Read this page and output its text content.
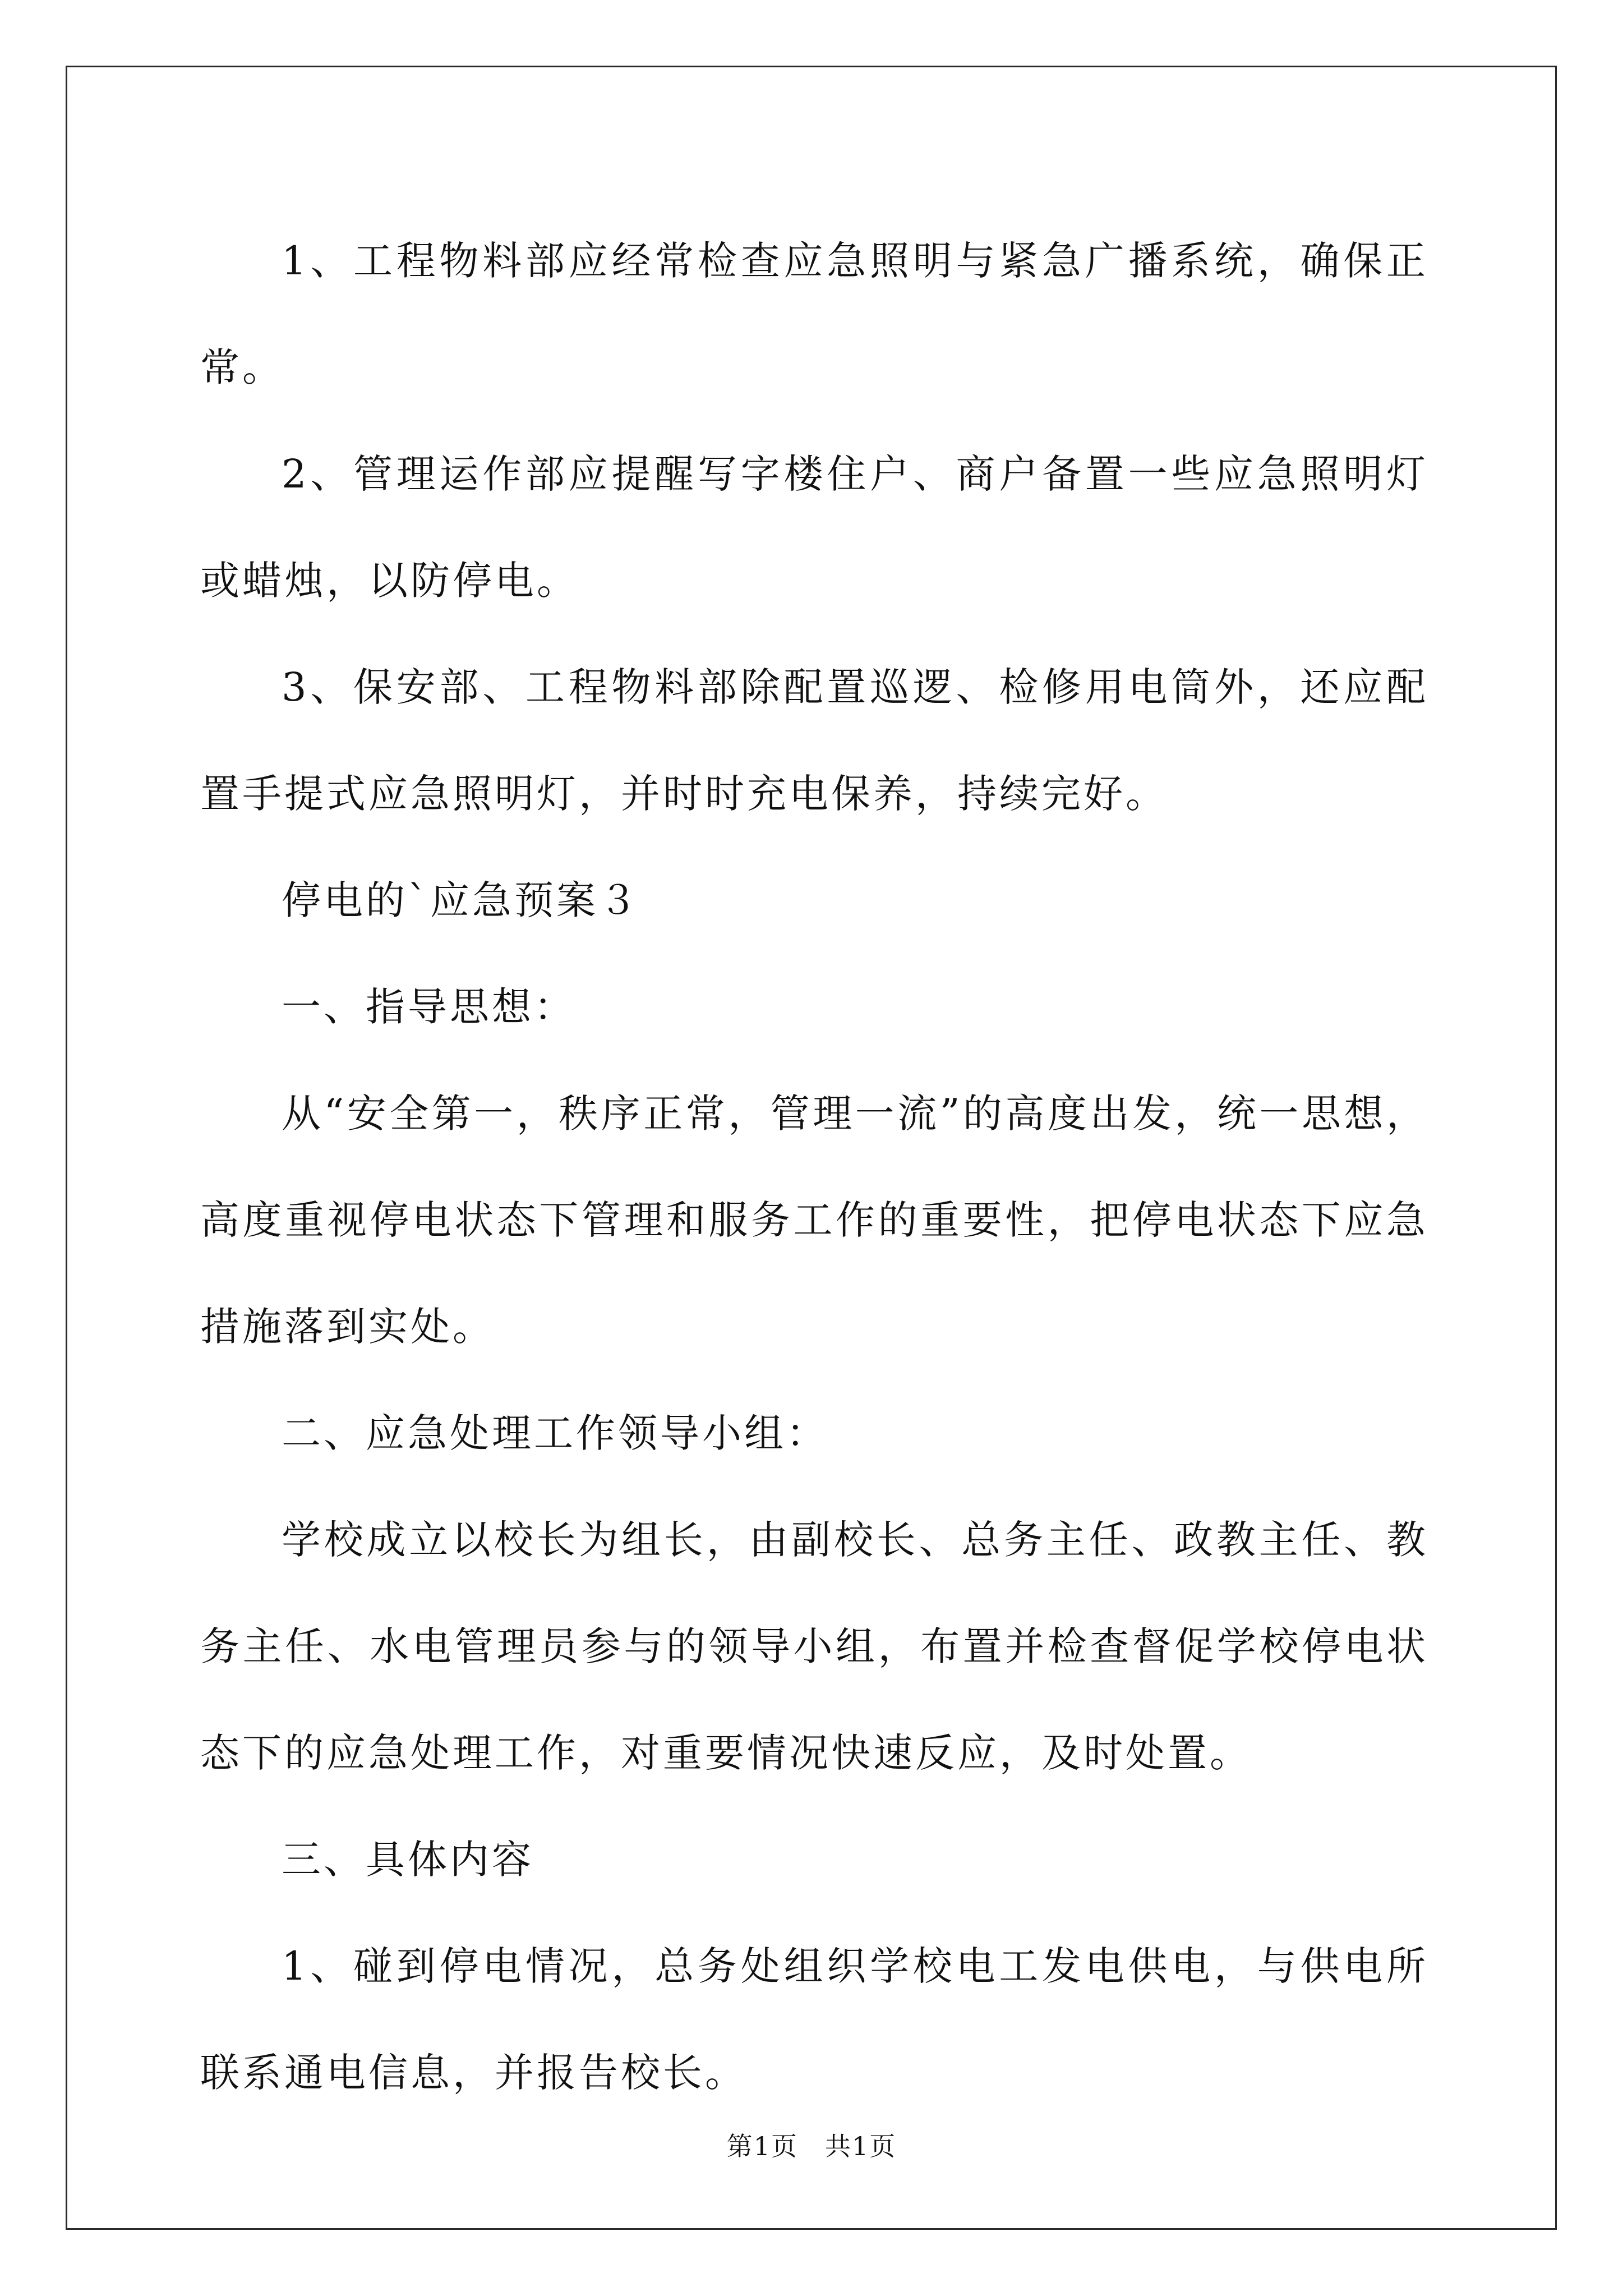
1、工程物料部应经常检查应急照明与紧急广播系统，确保正常。

2、管理运作部应提醒写字楼住户、商户备置一些应急照明灯或蜡烛，以防停电。

3、保安部、工程物料部除配置巡逻、检修用电筒外，还应配置手提式应急照明灯，并时时充电保养，持续完好。

停电的`应急预案３

一、指导思想：

从“安全第一，秩序正常，管理一流”的高度出发，统一思想，高度重视停电状态下管理和服务工作的重要性，把停电状态下应急措施落到实处。

二、应急处理工作领导小组：

学校成立以校长为组长，由副校长、总务主任、政教主任、教务主任、水电管理员参与的领导小组，布置并检查督促学校停电状态下的应急处理工作，对重要情况快速反应，及时处置。

三、具体内容

1、碰到停电情况，总务处组织学校电工发电供电，与供电所联系通电信息，并报告校长。

第1页　共1页
